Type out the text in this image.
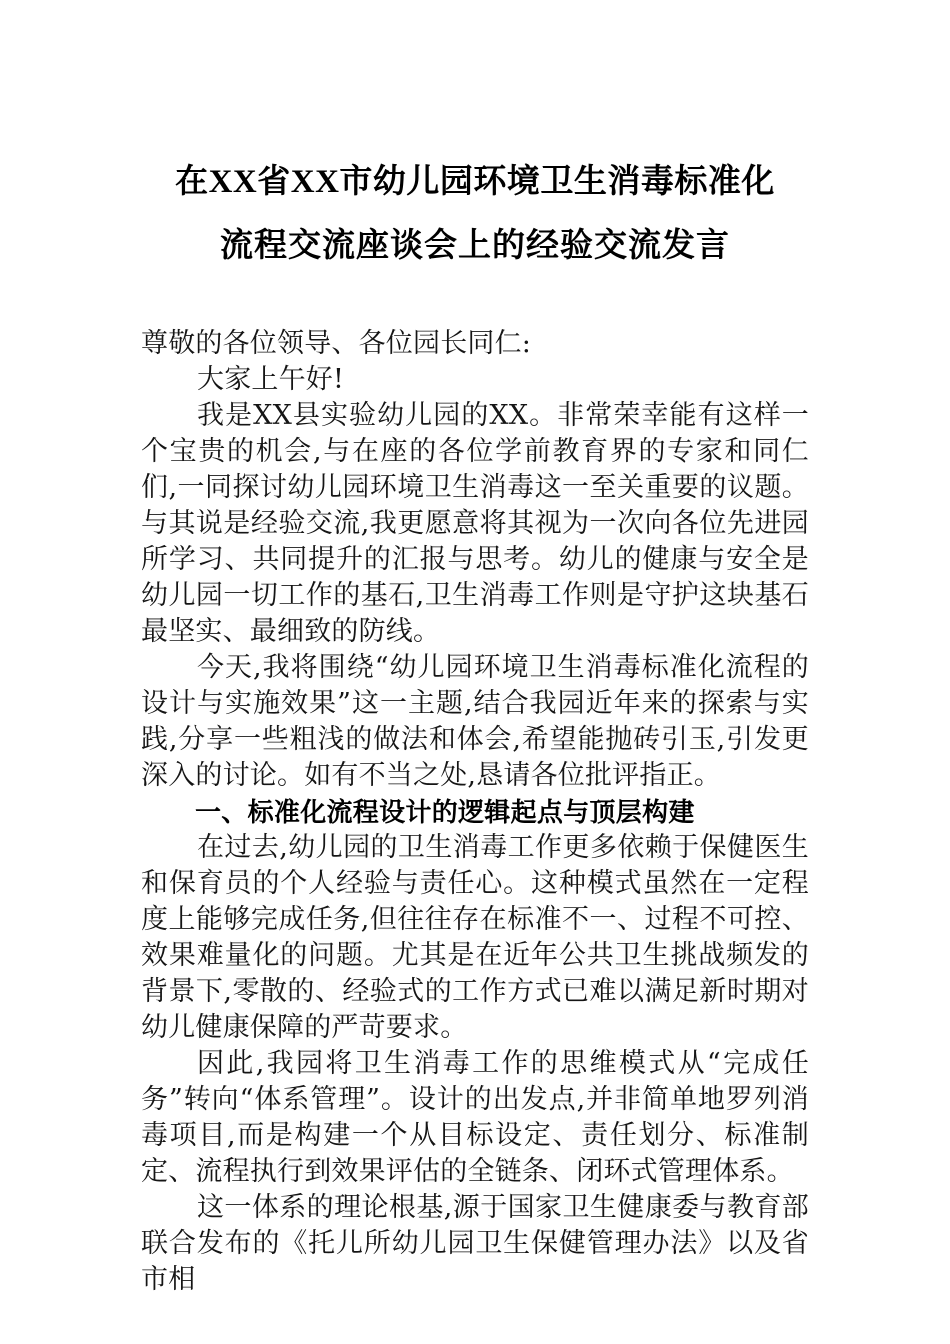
在XX省XX市幼儿园环境卫生消毒标准化
流程交流座谈会上的经验交流发言

尊敬的各位领导、各位园长同仁:

大家上午好!

我是XX县实验幼儿园的XX。非常荣幸能有这样一个宝贵的机会,与在座的各位学前教育界的专家和同仁们,一同探讨幼儿园环境卫生消毒这一至关重要的议题。与其说是经验交流,我更愿意将其视为一次向各位先进园所学习、共同提升的汇报与思考。幼儿的健康与安全是幼儿园一切工作的基石,卫生消毒工作则是守护这块基石最坚实、最细致的防线。

今天,我将围绕“幼儿园环境卫生消毒标准化流程的设计与实施效果”这一主题,结合我园近年来的探索与实践,分享一些粗浅的做法和体会,希望能抛砖引玉,引发更深入的讨论。如有不当之处,恳请各位批评指正。

一、标准化流程设计的逻辑起点与顶层构建

在过去,幼儿园的卫生消毒工作更多依赖于保健医生和保育员的个人经验与责任心。这种模式虽然在一定程度上能够完成任务,但往往存在标准不一、过程不可控、效果难量化的问题。尤其是在近年公共卫生挑战频发的背景下,零散的、经验式的工作方式已难以满足新时期对幼儿健康保障的严苛要求。

因此,我园将卫生消毒工作的思维模式从“完成任务”转向“体系管理”。设计的出发点,并非简单地罗列消毒项目,而是构建一个从目标设定、责任划分、标准制定、流程执行到效果评估的全链条、闭环式管理体系。

这一体系的理论根基,源于国家卫生健康委与教育部联合发布的《托儿所幼儿园卫生保健管理办法》以及省市相
